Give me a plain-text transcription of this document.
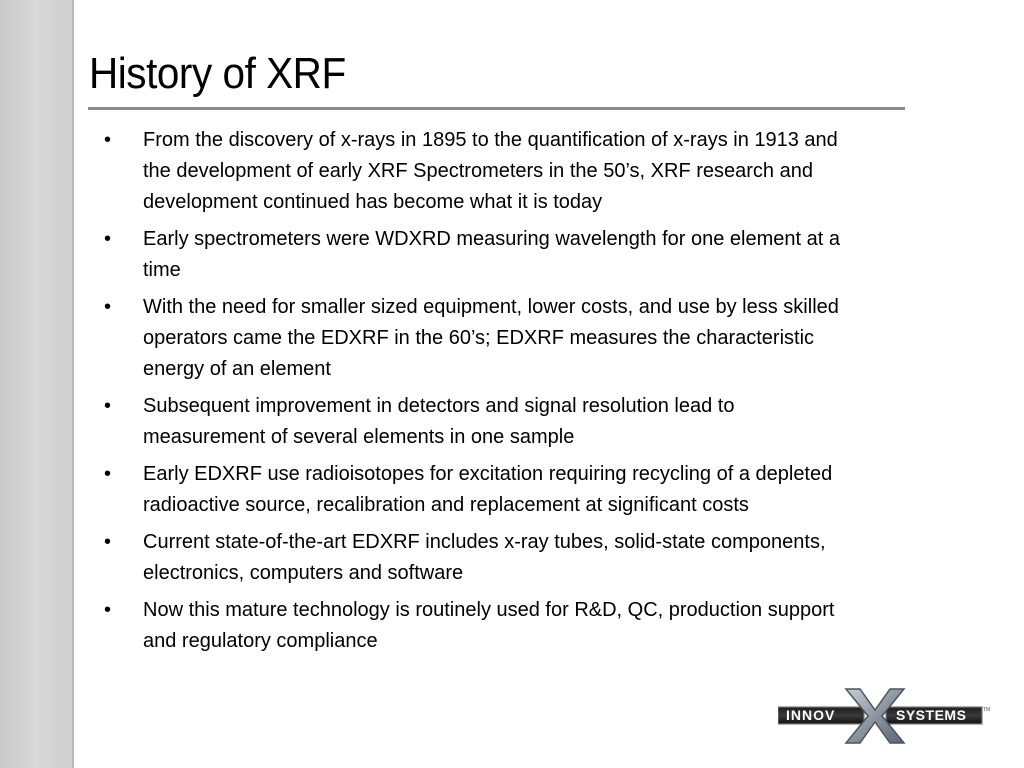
History of XRF
•	From the discovery of x-rays in 1895 to the quantification of x-rays in 1913 and the development of early XRF Spectrometers in the 50’s, XRF research and development continued has become what it is today
•	Early spectrometers were WDXRD measuring wavelength for one element at a time
•	With the need for smaller sized equipment, lower costs, and use by less skilled operators came the EDXRF in the 60’s; EDXRF measures the characteristic energy of an element
•	Subsequent improvement in detectors and signal resolution lead to measurement of several elements in one sample
•	Early EDXRF use radioisotopes for excitation requiring recycling of a depleted radioactive source, recalibration and replacement at significant costs
•	Current state-of-the-art EDXRF includes x-ray tubes, solid-state components, electronics, computers and software
•	Now this mature technology is routinely used for R&D, QC, production support and regulatory compliance
INNOV	SYSTEMS	TM
